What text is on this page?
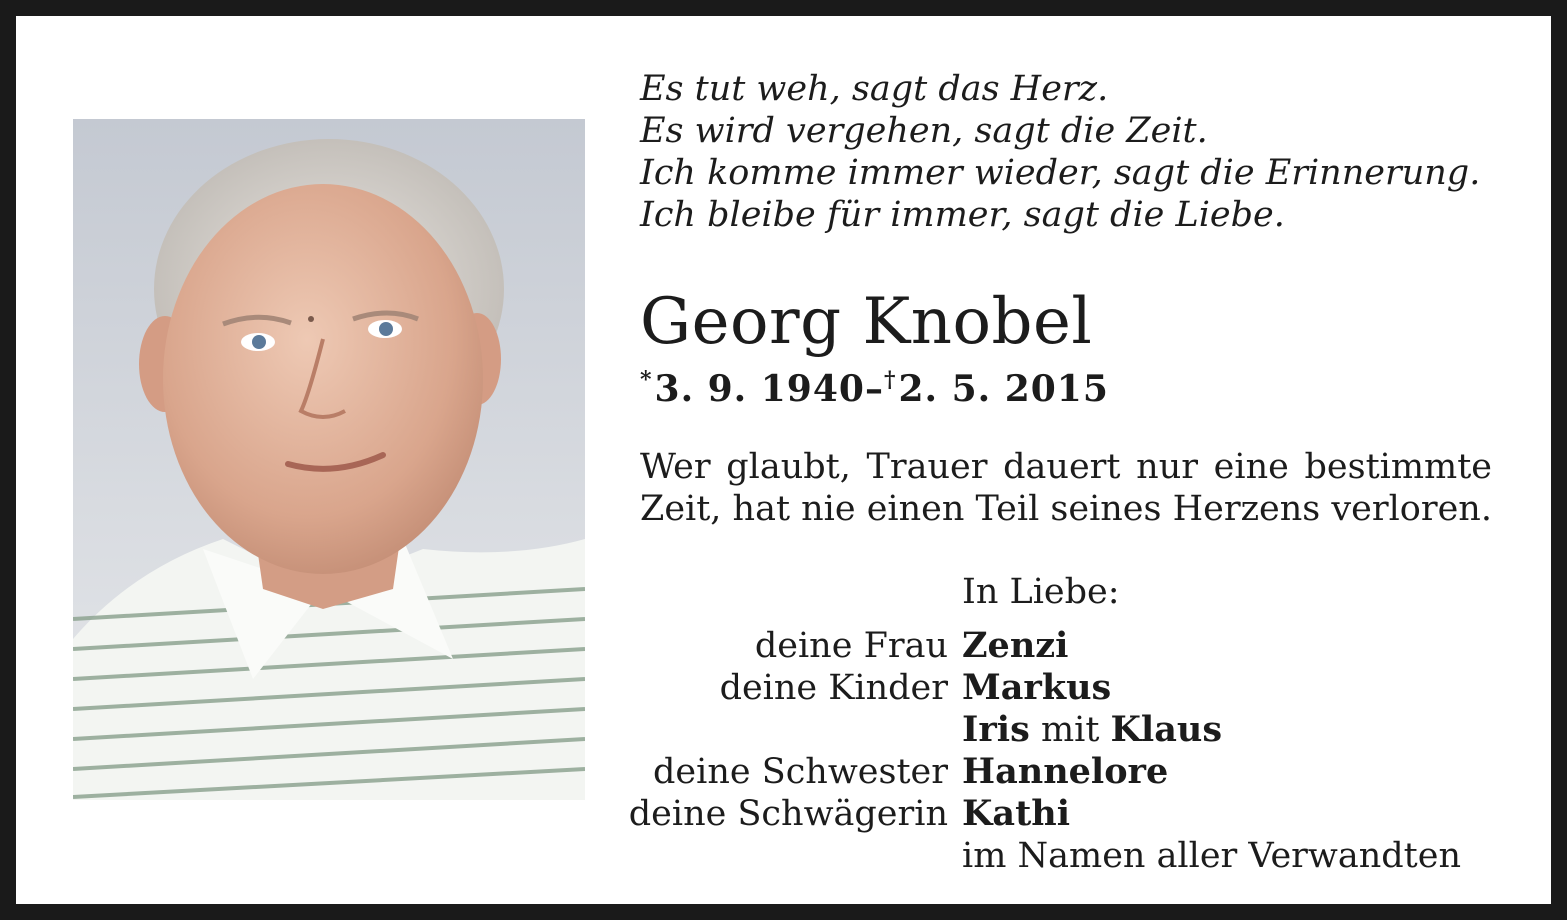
Es tut weh, sagt das Herz.
Es wird vergehen, sagt die Zeit.
Ich komme immer wieder, sagt die Erinnerung.
Ich bleibe für immer, sagt die Liebe.
Georg Knobel
*3. 9. 1940–†2. 5. 2015
Wer glaubt, Trauer dauert nur eine bestimmte Zeit, hat nie einen Teil seines Herzens verloren.
In Liebe:
deine Frau Zenzi
deine Kinder Markus
Iris mit Klaus
deine Schwester Hannelore
deine Schwägerin Kathi
im Namen aller Verwandten
